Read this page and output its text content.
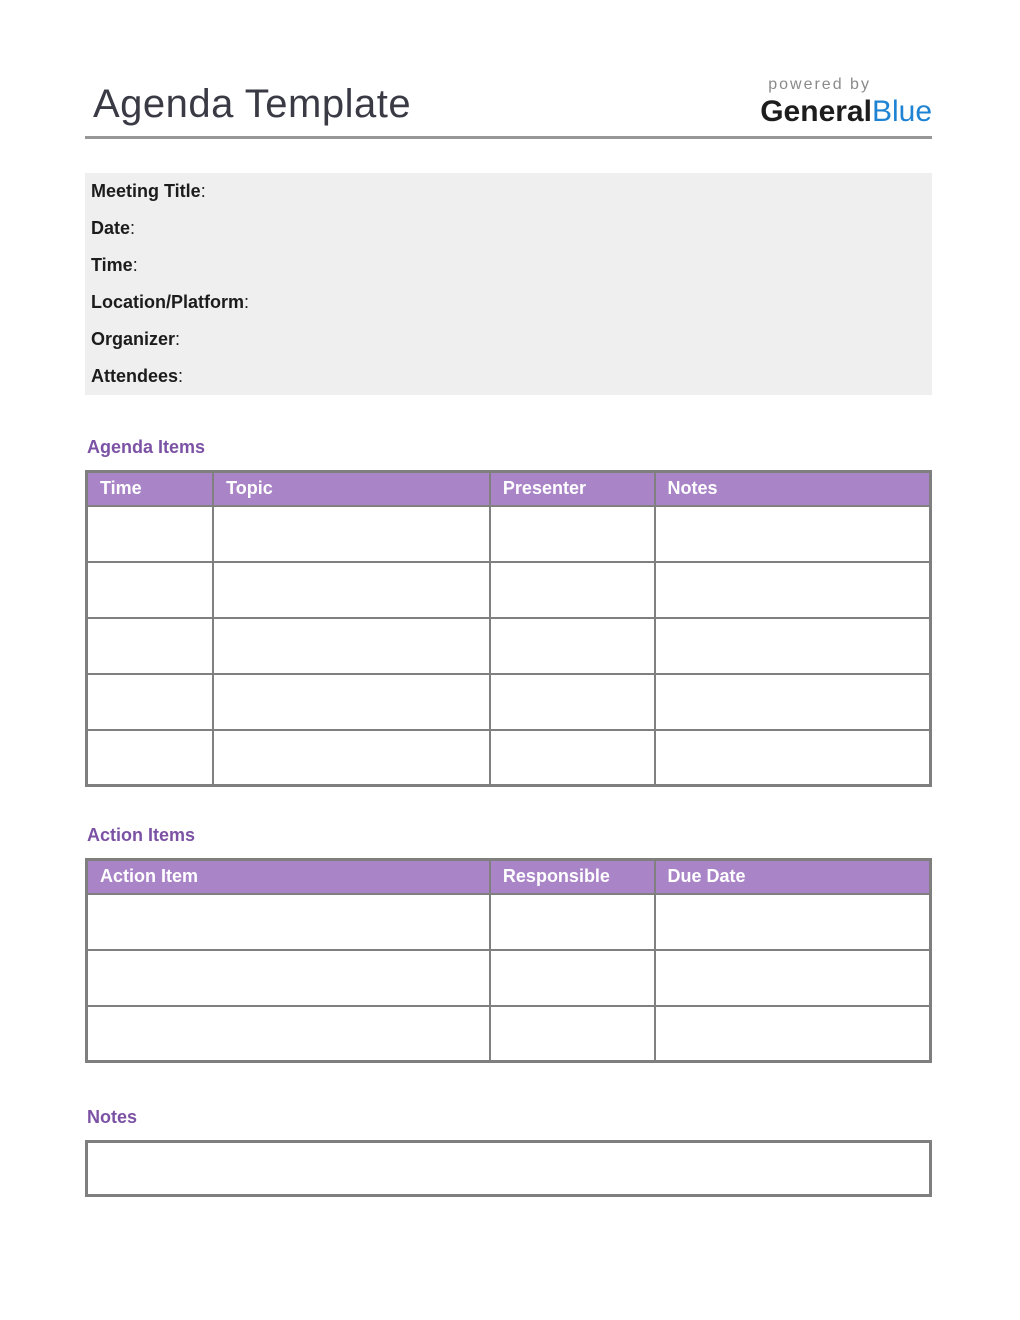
Agenda Template	powered by
GeneralBlue
Meeting Title :
Date :
Time :
Location/Platform :
Organizer :
Attendees :
Agenda Items
Time	Topic	Presenter	Notes

Action Items
Action Item	Responsible	Due Date

Notes
